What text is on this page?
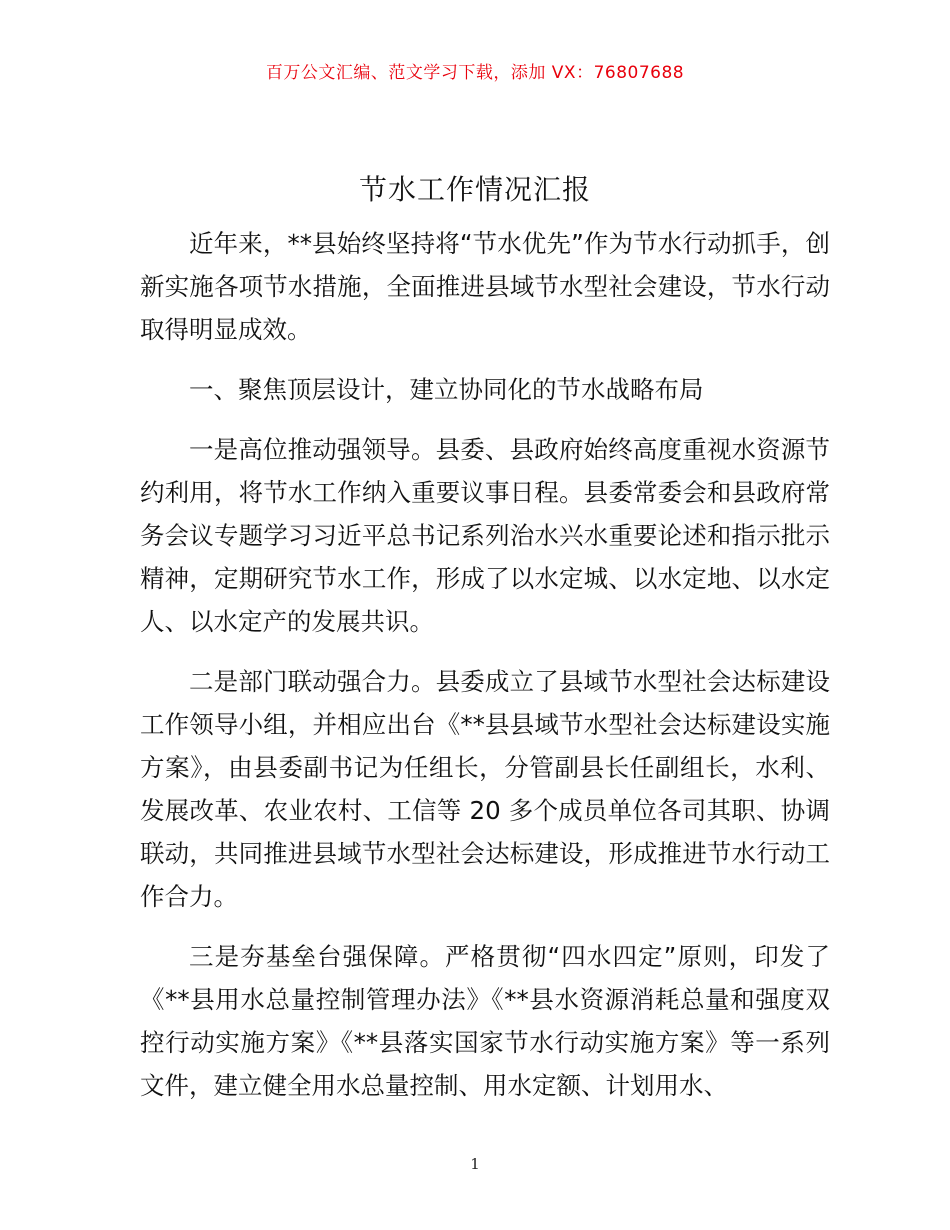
百万公文汇编、范文学习下载，添加 VX：76807688
节水工作情况汇报

近年来，**县始终坚持将“节水优先”作为节水行动抓手，创新实施各项节水措施，全面推进县域节水型社会建设，节水行动取得明显成效。

一、聚焦顶层设计，建立协同化的节水战略布局

一是高位推动强领导。县委、县政府始终高度重视水资源节约利用，将节水工作纳入重要议事日程。县委常委会和县政府常务会议专题学习习近平总书记系列治水兴水重要论述和指示批示精神，定期研究节水工作，形成了以水定城、以水定地、以水定人、以水定产的发展共识。

二是部门联动强合力。县委成立了县域节水型社会达标建设工作领导小组，并相应出台《**县县域节水型社会达标建设实施方案》，由县委副书记为任组长，分管副县长任副组长，水利、发展改革、农业农村、工信等 20 多个成员单位各司其职、协调联动，共同推进县域节水型社会达标建设，形成推进节水行动工作合力。

三是夯基垒台强保障。严格贯彻“四水四定”原则，印发了《**县用水总量控制管理办法》《**县水资源消耗总量和强度双控行动实施方案》《**县落实国家节水行动实施方案》等一系列文件，建立健全用水总量控制、用水定额、计划用水、

1
